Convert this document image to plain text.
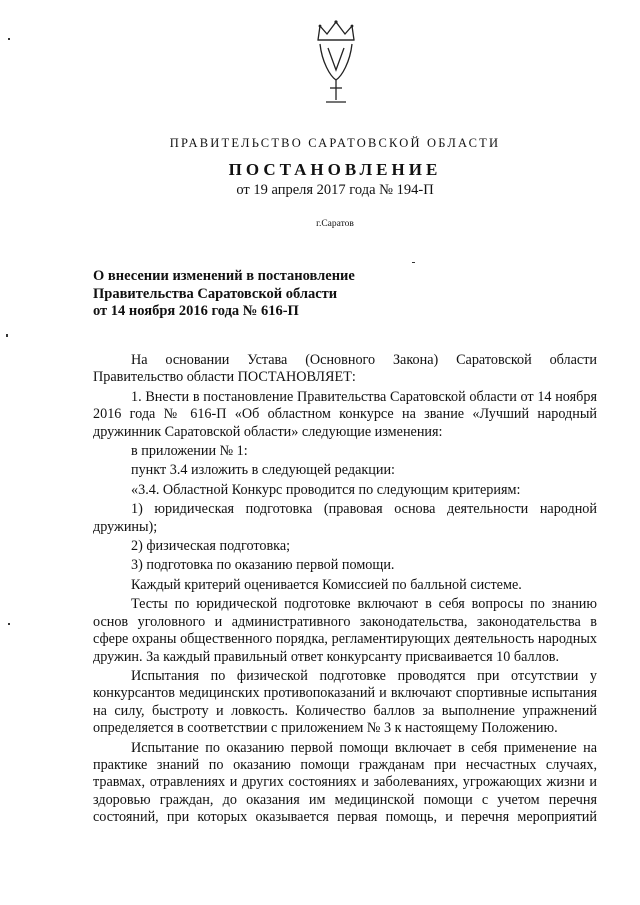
ПРАВИТЕЛЬСТВО САРАТОВСКОЙ ОБЛАСТИ
ПОСТАНОВЛЕНИЕ
от 19 апреля 2017 года № 194-П
г.Саратов
О внесении изменений в постановление
Правительства Саратовской области
от 14 ноября 2016 года № 616-П

На основании Устава (Основного Закона) Саратовской области Правительство области ПОСТАНОВЛЯЕТ:

1. Внести в постановление Правительства Саратовской области от 14 ноября 2016 года № 616-П «Об областном конкурсе на звание «Лучший народный дружинник Саратовской области» следующие изменения:

в приложении № 1:

пункт 3.4 изложить в следующей редакции:

«3.4. Областной Конкурс проводится по следующим критериям:

1) юридическая подготовка (правовая основа деятельности народной дружины);

2) физическая подготовка;

3) подготовка по оказанию первой помощи.

Каждый критерий оценивается Комиссией по балльной системе.

Тесты по юридической подготовке включают в себя вопросы по знанию основ уголовного и административного законодательства, законодательства в сфере охраны общественного порядка, регламентирующих деятельность народных дружин. За каждый правильный ответ конкурсанту присваивается 10 баллов.

Испытания по физической подготовке проводятся при отсутствии у конкурсантов медицинских противопоказаний и включают спортивные испытания на силу, быстроту и ловкость. Количество баллов за выполнение упражнений определяется в соответствии с приложением № 3 к настоящему Положению.

Испытание по оказанию первой помощи включает в себя применение на практике знаний по оказанию помощи гражданам при несчастных случаях, травмах, отравлениях и других состояниях и заболеваниях, угрожающих жизни и здоровью граждан, до оказания им медицинской помощи с учетом перечня состояний, при которых оказывается первая помощь, и перечня мероприятий
